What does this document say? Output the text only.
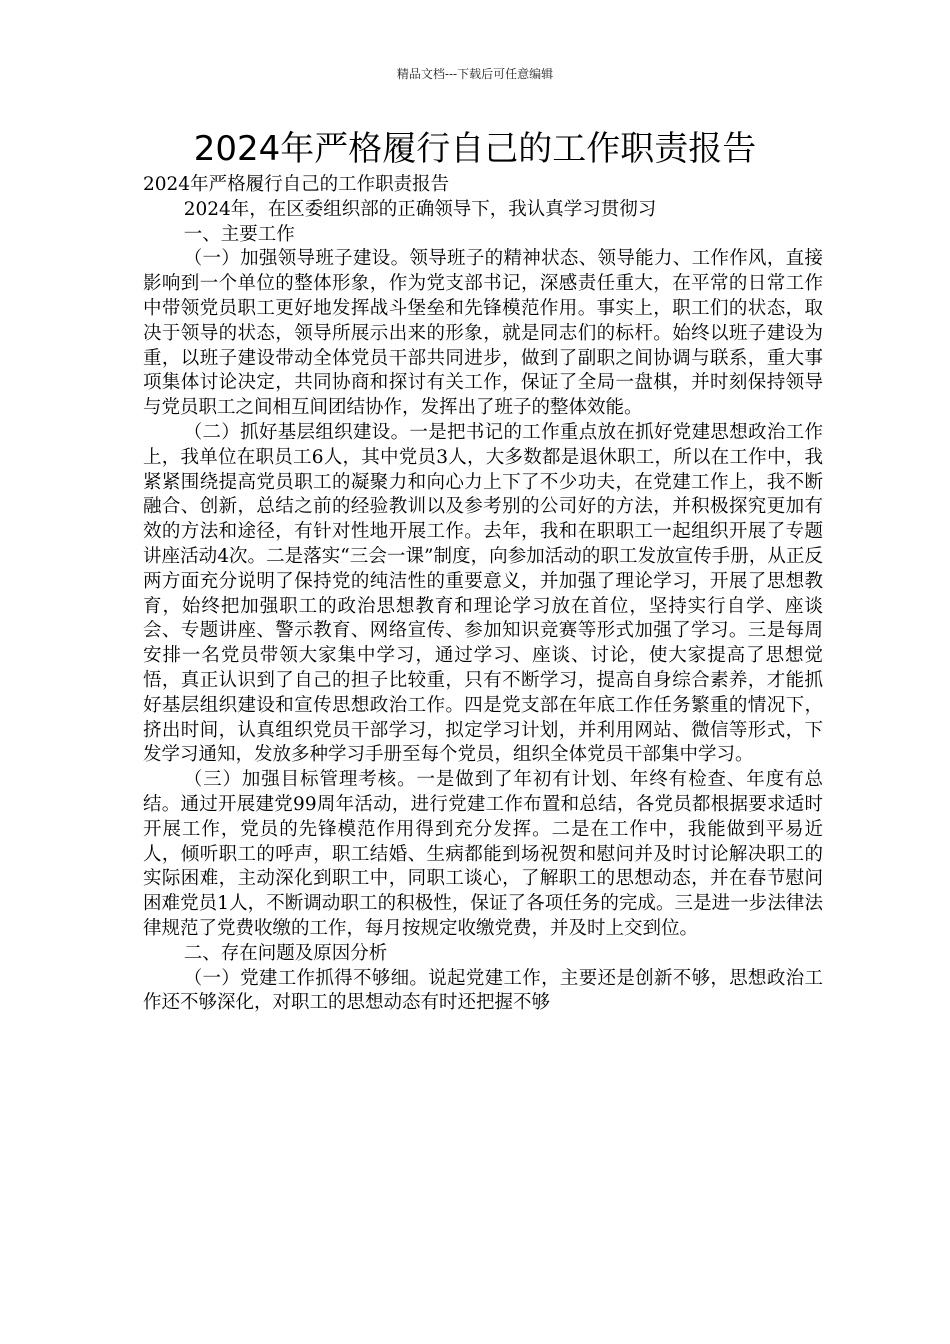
精品文档---下载后可任意编辑
2024年严格履行自己的工作职责报告

2024年严格履行自己的工作职责报告

2024年，在区委组织部的正确领导下，我认真学习贯彻习

一、主要工作

（一）加强领导班子建设。领导班子的精神状态、领导能力、工作作风，直接影响到一个单位的整体形象，作为党支部书记，深感责任重大，在平常的日常工作中带领党员职工更好地发挥战斗堡垒和先锋模范作用。事实上，职工们的状态，取决于领导的状态，领导所展示出来的形象，就是同志们的标杆。始终以班子建设为重，以班子建设带动全体党员干部共同进步，做到了副职之间协调与联系，重大事项集体讨论决定，共同协商和探讨有关工作，保证了全局一盘棋，并时刻保持领导与党员职工之间相互间团结协作，发挥出了班子的整体效能。

（二）抓好基层组织建设。一是把书记的工作重点放在抓好党建思想政治工作上，我单位在职员工6人，其中党员3人，大多数都是退休职工，所以在工作中，我紧紧围绕提高党员职工的凝聚力和向心力上下了不少功夫，在党建工作上，我不断融合、创新，总结之前的经验教训以及参考别的公司好的方法，并积极探究更加有效的方法和途径，有针对性地开展工作。去年，我和在职职工一起组织开展了专题讲座活动4次。二是落实“三会一课”制度，向参加活动的职工发放宣传手册，从正反两方面充分说明了保持党的纯洁性的重要意义，并加强了理论学习，开展了思想教育，始终把加强职工的政治思想教育和理论学习放在首位，坚持实行自学、座谈会、专题讲座、警示教育、网络宣传、参加知识竞赛等形式加强了学习。三是每周安排一名党员带领大家集中学习，通过学习、座谈、讨论，使大家提高了思想觉悟，真正认识到了自己的担子比较重，只有不断学习，提高自身综合素养，才能抓好基层组织建设和宣传思想政治工作。四是党支部在年底工作任务繁重的情况下，挤出时间，认真组织党员干部学习，拟定学习计划，并利用网站、微信等形式，下发学习通知，发放多种学习手册至每个党员，组织全体党员干部集中学习。

（三）加强目标管理考核。一是做到了年初有计划、年终有检查、年度有总结。通过开展建党99周年活动，进行党建工作布置和总结，各党员都根据要求适时开展工作，党员的先锋模范作用得到充分发挥。二是在工作中，我能做到平易近人，倾听职工的呼声，职工结婚、生病都能到场祝贺和慰问并及时讨论解决职工的实际困难，主动深化到职工中，同职工谈心，了解职工的思想动态，并在春节慰问困难党员1人，不断调动职工的积极性，保证了各项任务的完成。三是进一步法律法律规范了党费收缴的工作，每月按规定收缴党费，并及时上交到位。

二、存在问题及原因分析

（一）党建工作抓得不够细。说起党建工作，主要还是创新不够，思想政治工作还不够深化，对职工的思想动态有时还把握不够
